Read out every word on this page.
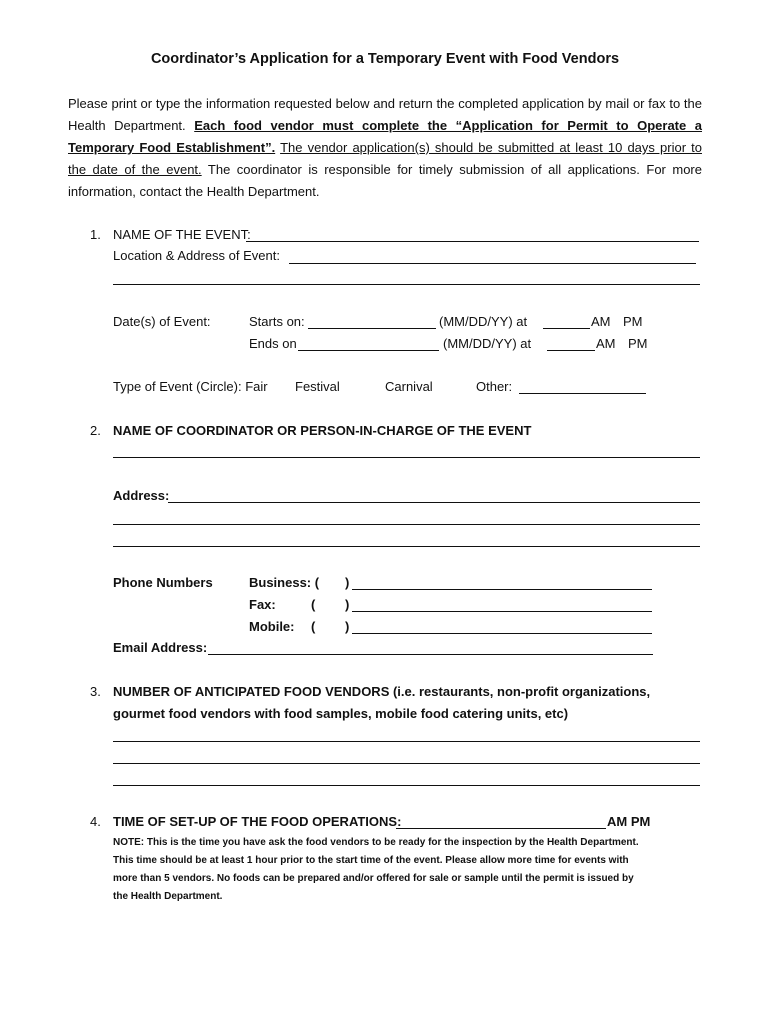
Coordinator’s Application for a Temporary Event with Food Vendors
Please print or type the information requested below and return the completed application by mail or fax to the Health Department. Each food vendor must complete the “Application for Permit to Operate a Temporary Food Establishment”. The vendor application(s) should be submitted at least 10 days prior to the date of the event. The coordinator is responsible for timely submission of all applications. For more information, contact the Health Department.
1. NAME OF THE EVENT:
Location & Address of Event:
Date(s) of Event:	Starts on:	(MM/DD/YY) at	AM PM
Ends on	(MM/DD/YY) at	AM PM
Type of Event (Circle): Fair Festival	Carnival	Other:
2. NAME OF COORDINATOR OR PERSON-IN-CHARGE OF THE EVENT
Address:
Phone Numbers	Business: ( )
Fax:	( )
Mobile: ( )
Email Address:
3. NUMBER OF ANTICIPATED FOOD VENDORS (i.e. restaurants, non-profit organizations,
gourmet food vendors with food samples, mobile food catering units, etc)
4. TIME OF SET-UP OF THE FOOD OPERATIONS:	AM PM
NOTE: This is the time you have ask the food vendors to be ready for the inspection by the Health Department.
This time should be at least 1 hour prior to the start time of the event. Please allow more time for events with
more than 5 vendors. No foods can be prepared and/or offered for sale or sample until the permit is issued by
the Health Department.
